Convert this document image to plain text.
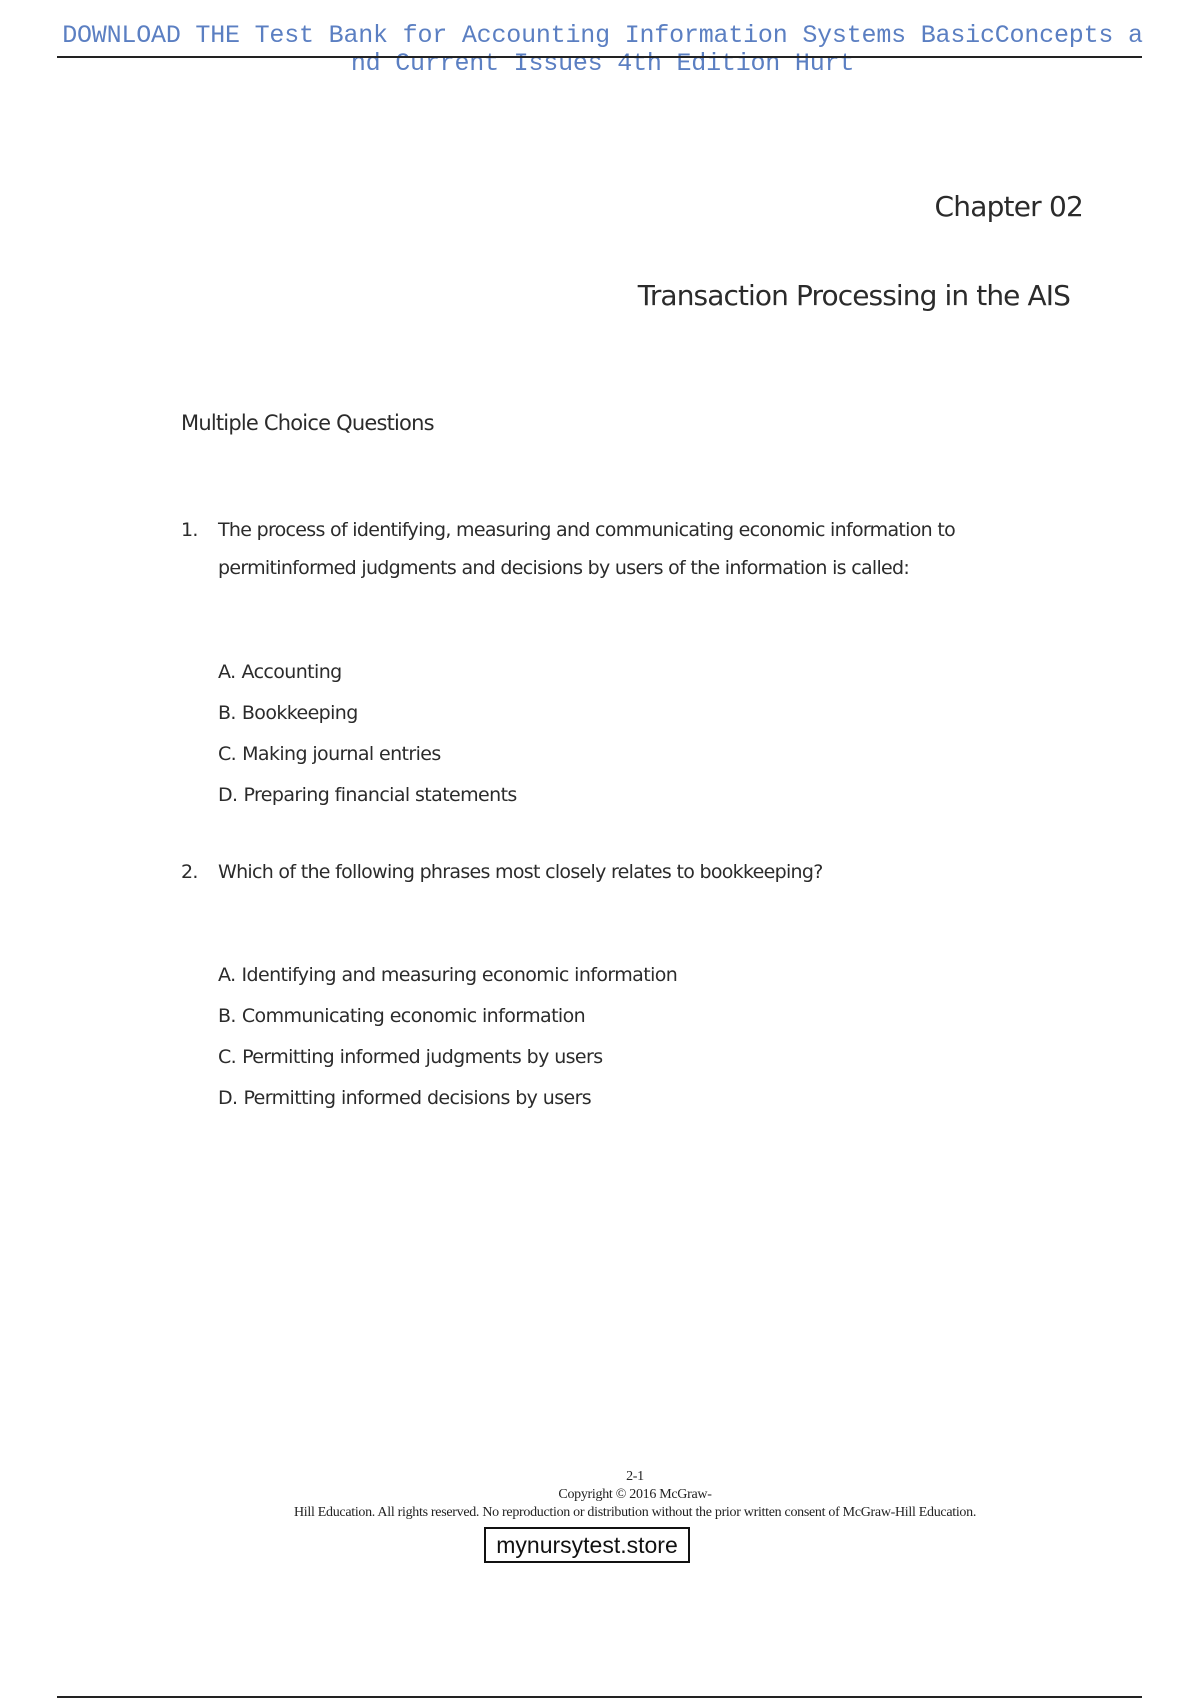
DOWNLOAD THE Test Bank for Accounting Information Systems BasicConcepts and Current Issues 4th Edition Hurt
Chapter 02
Transaction Processing in the AIS
Multiple Choice Questions
1. The process of identifying, measuring and communicating economic information to permitinformed judgments and decisions by users of the information is called:
A. Accounting
B. Bookkeeping
C. Making journal entries
D. Preparing financial statements
2. Which of the following phrases most closely relates to bookkeeping?
A. Identifying and measuring economic information
B. Communicating economic information
C. Permitting informed judgments by users
D. Permitting informed decisions by users
2-1
Copyright © 2016 McGraw-
Hill Education. All rights reserved. No reproduction or distribution without the prior written consent of McGraw-Hill Education.
mynursytest.store
